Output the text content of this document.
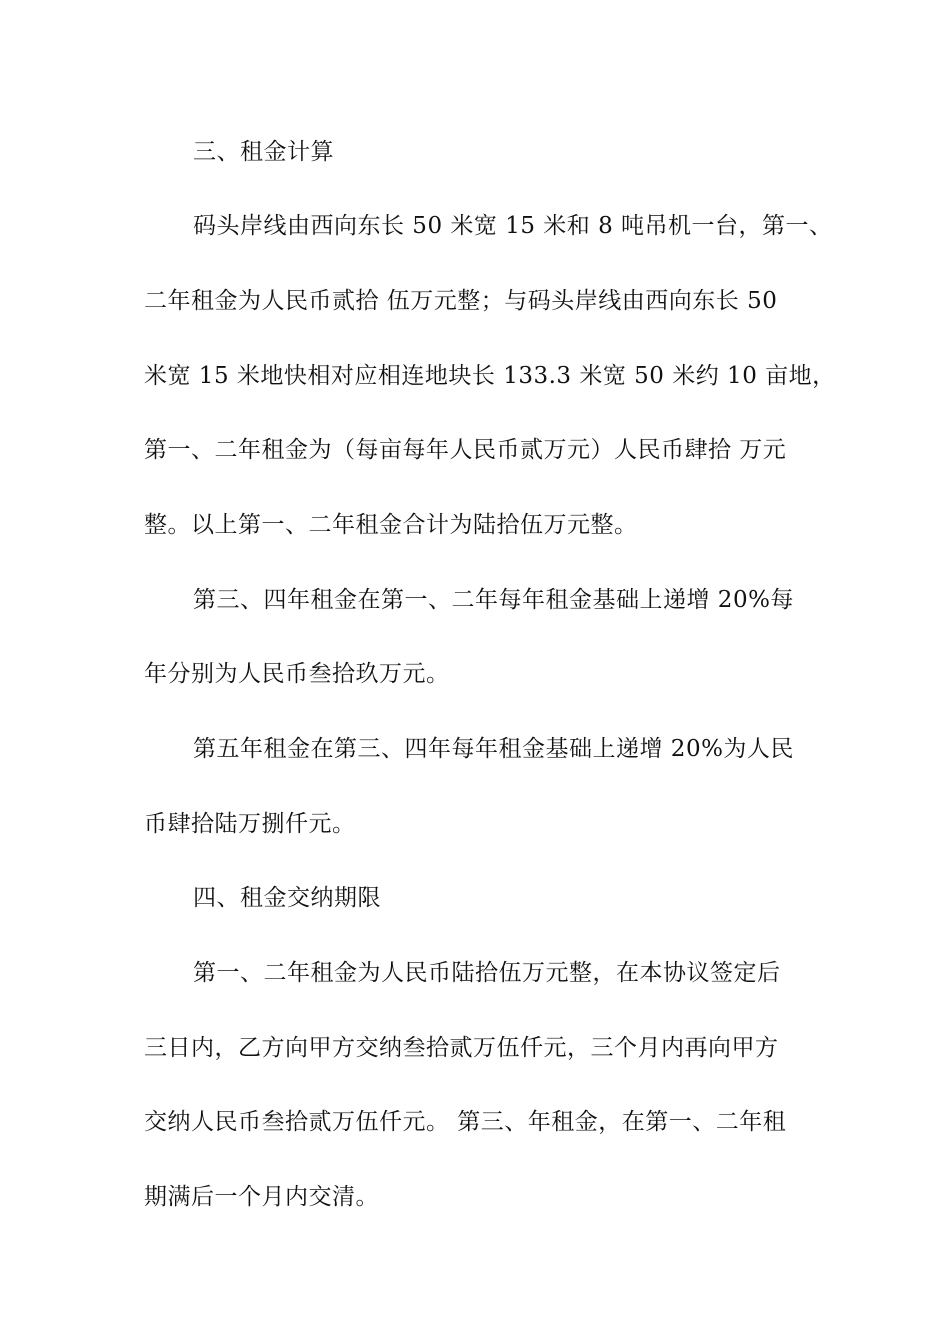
三、租金计算
码头岸线由西向东长 50 米宽 15 米和 8 吨吊机一台，第一、
二年租金为人民币贰拾 伍万元整；与码头岸线由西向东长 50
米宽 15 米地快相对应相连地块长 133.3 米宽 50 米约 10 亩地，
第一、二年租金为（每亩每年人民币贰万元）人民币肆拾 万元
整。以上第一、二年租金合计为陆拾伍万元整。
第三、四年租金在第一、二年每年租金基础上递增 20%每
年分别为人民币叁拾玖万元。
第五年租金在第三、四年每年租金基础上递增 20%为人民
币肆拾陆万捌仟元。
四、租金交纳期限
第一、二年租金为人民币陆拾伍万元整，在本协议签定后
三日内，乙方向甲方交纳叁拾贰万伍仟元，三个月内再向甲方
交纳人民币叁拾贰万伍仟元。 第三、年租金，在第一、二年租
期满后一个月内交清。
